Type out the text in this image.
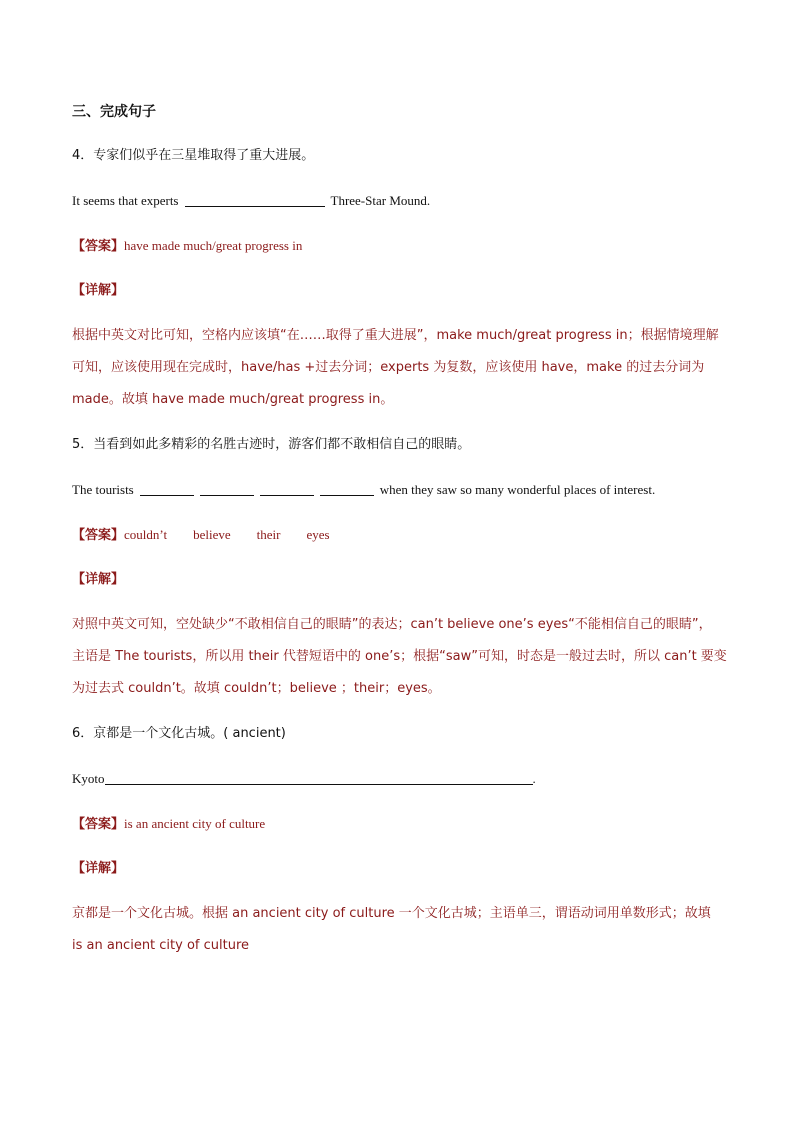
三、完成句子
4．专家们似乎在三星堆取得了重大进展。
It seems that experts	Three-Star Mound.
【答案】have made much/great progress in
【详解】
根据中英文对比可知，空格内应该填“在……取得了重大进展”，make much/great progress in；根据情境理解
可知，应该使用现在完成时，have/has +过去分词；experts 为复数，应该使用 have，make 的过去分词为
made。故填 have made much/great progress in。
5．当看到如此多精彩的名胜古迹时，游客们都不敢相信自己的眼睛。
The tourists	when they saw so many wonderful places of interest.
【答案】couldn’t believe their eyes
【详解】
对照中英文可知，空处缺少“不敢相信自己的眼睛”的表达；can’t believe one’s eyes“不能相信自己的眼睛”，
主语是 The tourists，所以用 their 代替短语中的 one’s；根据“saw”可知，时态是一般过去时，所以 can’t 要变
为过去式 couldn’t。故填 couldn’t；believe ；their；eyes。
6．京都是一个文化古城。( ancient)
Kyoto	.
【答案】is an ancient city of culture
【详解】
京都是一个文化古城。根据 an ancient city of culture 一个文化古城；主语单三，谓语动词用单数形式；故填
is an ancient city of culture
